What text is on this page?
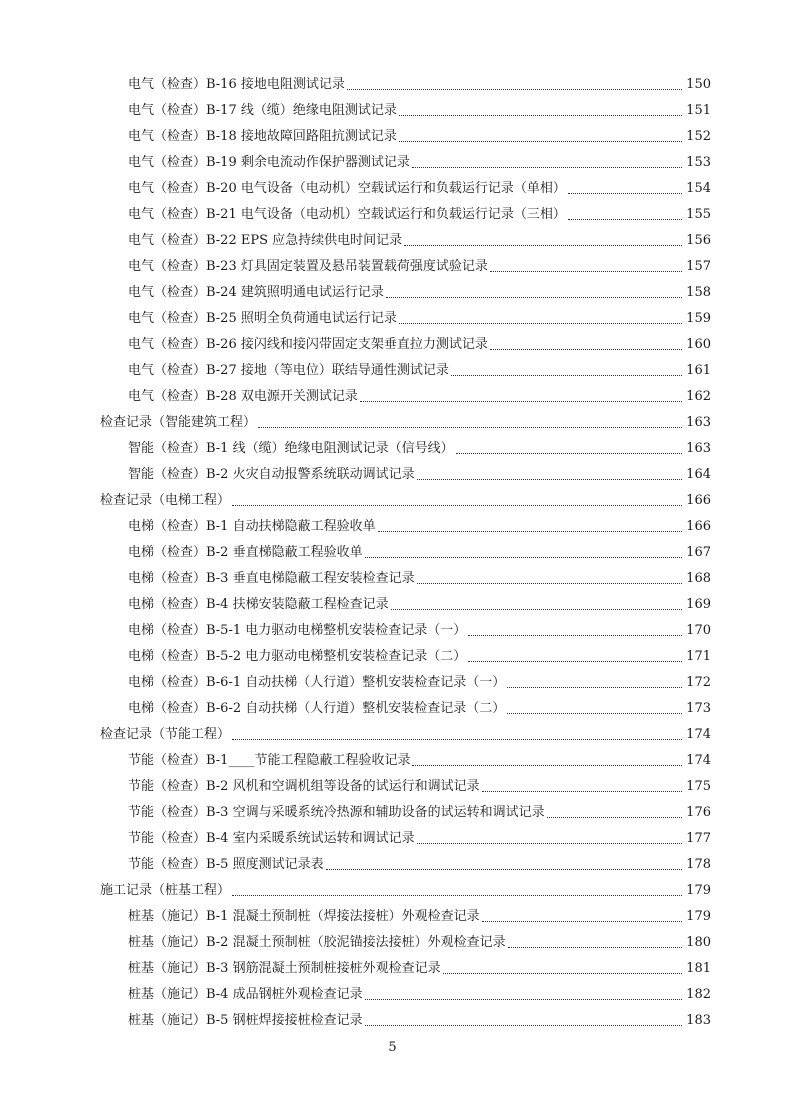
电气（检查）B-16 接地电阻测试记录	150
电气（检查）B-17 线（缆）绝缘电阻测试记录	151
电气（检查）B-18 接地故障回路阻抗测试记录	152
电气（检查）B-19 剩余电流动作保护器测试记录	153
电气（检查）B-20 电气设备（电动机）空载试运行和负载运行记录（单相）	154
电气（检查）B-21 电气设备（电动机）空载试运行和负载运行记录（三相）	155
电气（检查）B-22 EPS 应急持续供电时间记录	156
电气（检查）B-23 灯具固定装置及悬吊装置载荷强度试验记录	157
电气（检查）B-24 建筑照明通电试运行记录	158
电气（检查）B-25 照明全负荷通电试运行记录	159
电气（检查）B-26 接闪线和接闪带固定支架垂直拉力测试记录	160
电气（检查）B-27 接地（等电位）联结导通性测试记录	161
电气（检查）B-28 双电源开关测试记录	162
检查记录（智能建筑工程）	163
智能（检查）B-1 线（缆）绝缘电阻测试记录（信号线）	163
智能（检查）B-2 火灾自动报警系统联动调试记录	164
检查记录（电梯工程）	166
电梯（检查）B-1 自动扶梯隐蔽工程验收单	166
电梯（检查）B-2 垂直梯隐蔽工程验收单	167
电梯（检查）B-3 垂直电梯隐蔽工程安装检查记录	168
电梯（检查）B-4 扶梯安装隐蔽工程检查记录	169
电梯（检查）B-5-1 电力驱动电梯整机安装检查记录（一）	170
电梯（检查）B-5-2 电力驱动电梯整机安装检查记录（二）	171
电梯（检查）B-6-1 自动扶梯（人行道）整机安装检查记录（一）	172
电梯（检查）B-6-2 自动扶梯（人行道）整机安装检查记录（二）	173
检查记录（节能工程）	174
节能（检查）B-1____节能工程隐蔽工程验收记录	174
节能（检查）B-2 风机和空调机组等设备的试运行和调试记录	175
节能（检查）B-3 空调与采暖系统冷热源和辅助设备的试运转和调试记录	176
节能（检查）B-4 室内采暖系统试运转和调试记录	177
节能（检查）B-5 照度测试记录表	178
施工记录（桩基工程）	179
桩基（施记）B-1 混凝土预制桩（焊接法接桩）外观检查记录	179
桩基（施记）B-2 混凝土预制桩（胶泥锚接法接桩）外观检查记录	180
桩基（施记）B-3 钢筋混凝土预制桩接桩外观检查记录	181
桩基（施记）B-4 成品钢桩外观检查记录	182
桩基（施记）B-5 钢桩焊接接桩检查记录	183
5
